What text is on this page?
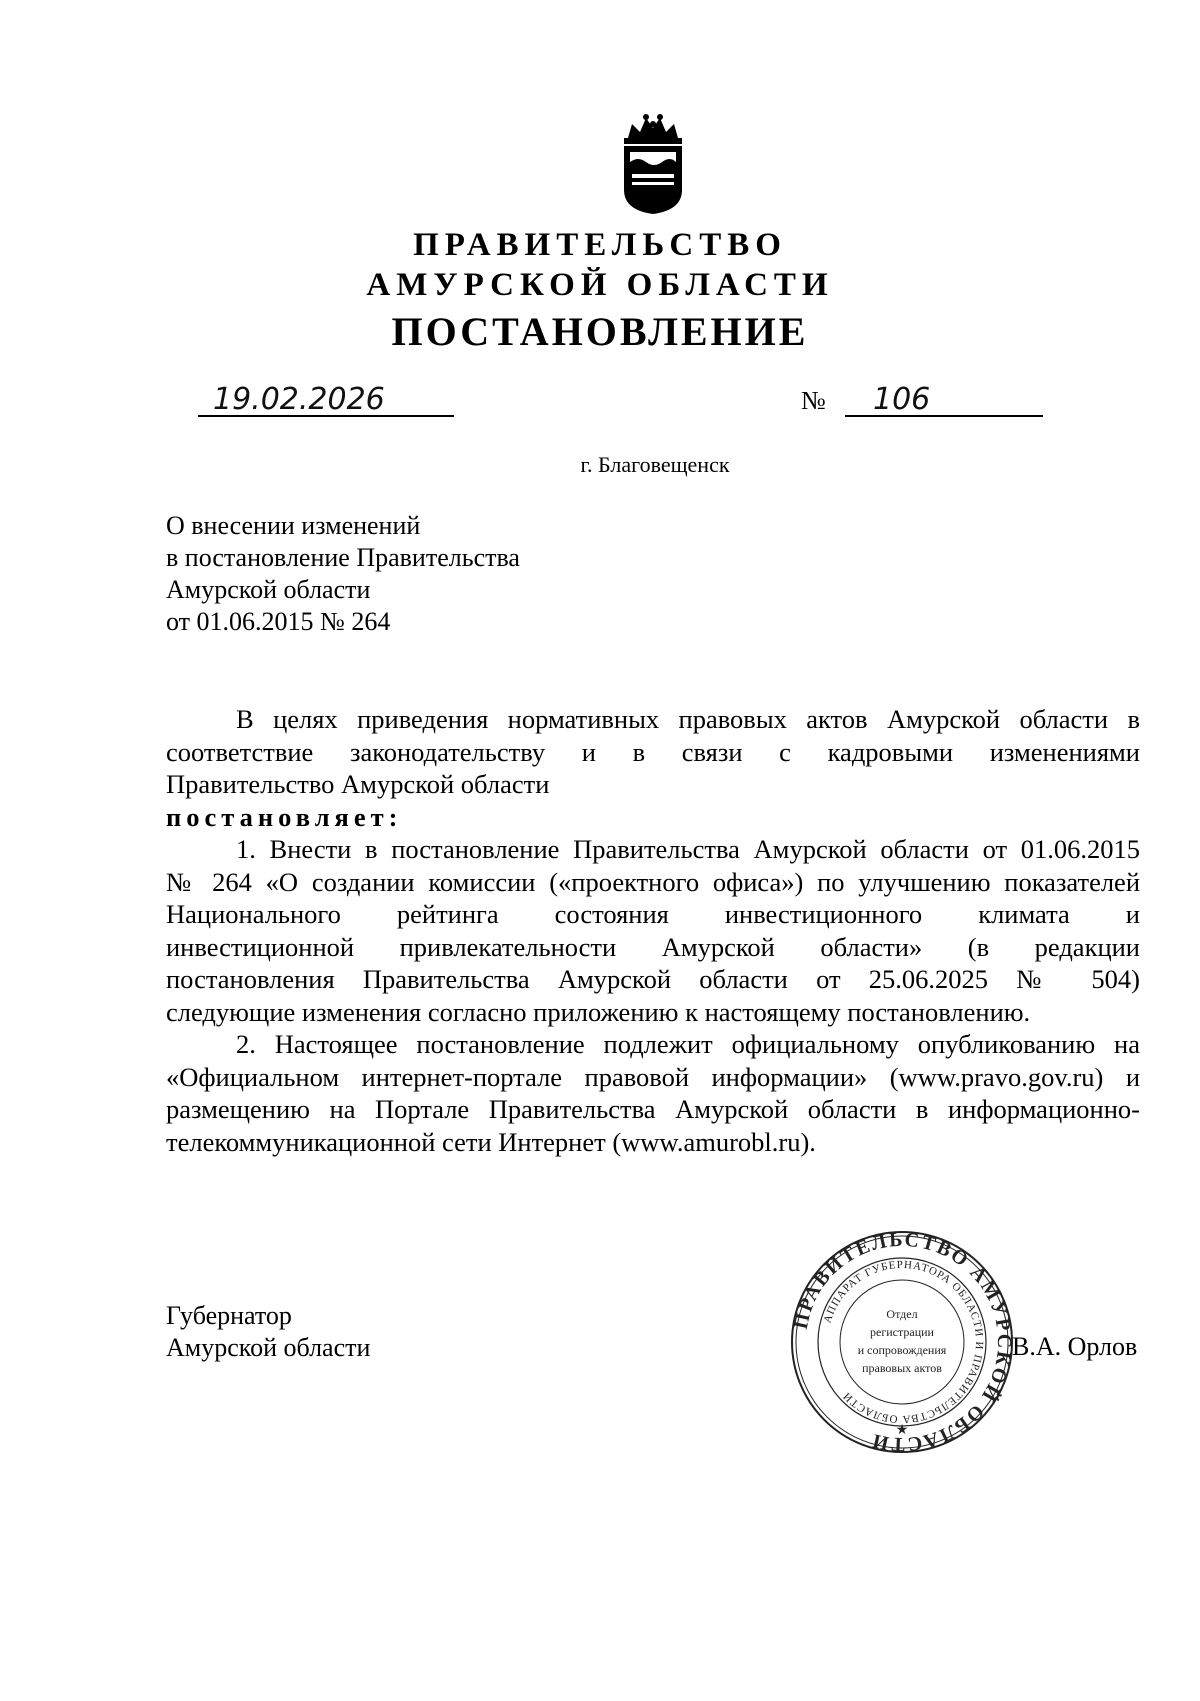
ПРАВИТЕЛЬСТВО
АМУРСКОЙ ОБЛАСТИ
ПОСТАНОВЛЕНИЕ
19.02.2026	№ 106
г. Благовещенск
О внесении изменений
в постановление Правительства
Амурской области
от 01.06.2015 № 264

В целях приведения нормативных правовых актов Амурской области в

соответствие законодательству и в связи с кадровыми изменениями

Правительство Амурской области

постановляет:

1. Внести в постановление Правительства Амурской области от 01.06.2015

№ 264 «О создании комиссии («проектного офиса») по улучшению показателей

Национального рейтинга состояния инвестиционного климата и

инвестиционной привлекательности Амурской области» (в редакции

постановления Правительства Амурской области от 25.06.2025 № 504)

следующие изменения согласно приложению к настоящему постановлению.

2. Настоящее постановление подлежит официальному опубликованию на

«Официальном интернет-портале правовой информации» (www.pravo.gov.ru) и

размещению на Портале Правительства Амурской области в информационно-

телекоммуникационной сети Интернет (www.amurobl.ru).

Губернатор
Амурской области	В.А. Орлов
ПРАВИТЕЛЬСТВО АМУРСКОЙ ОБЛАСТИ
АППАРАТ ГУБЕРНАТОРА ОБЛАСТИ И ПРАВИТЕЛЬСТВА ОБЛАСТИ
Отдел
регистрации
и сопровождения
правовых актов
★
